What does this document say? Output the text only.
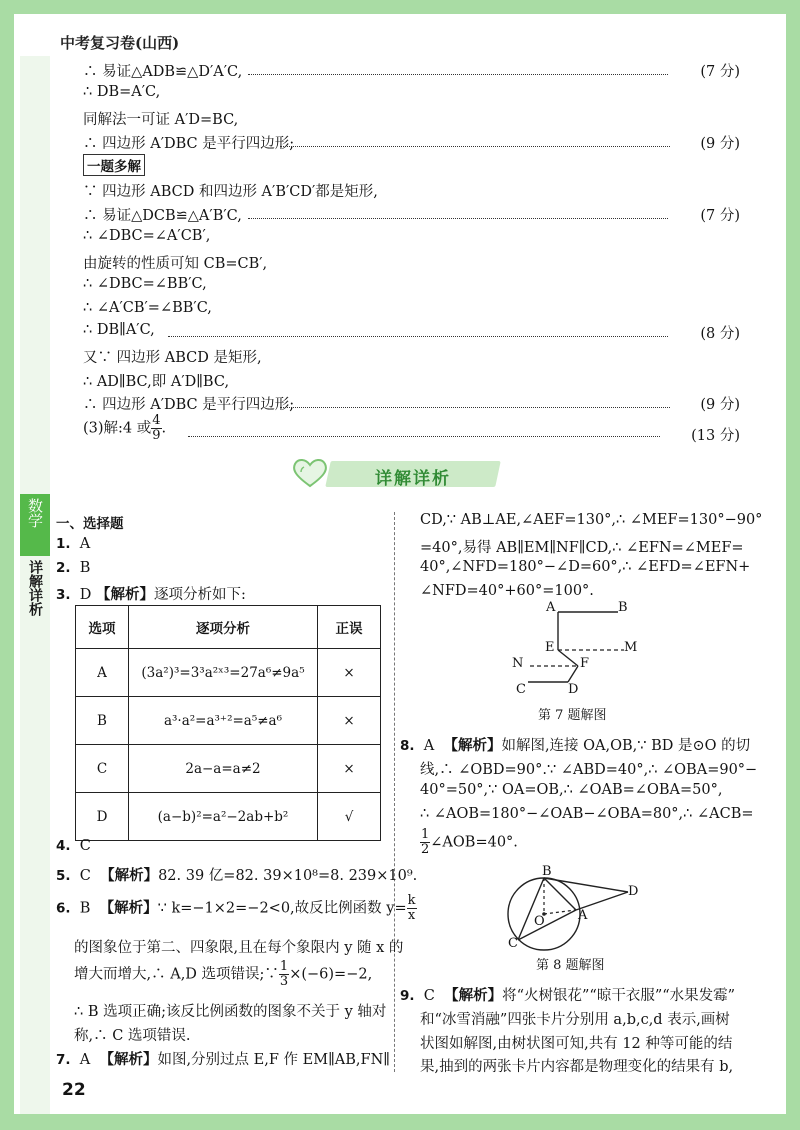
中考复习卷(山西)
∴ 易证△ADB≌△D′A′C,	(7 分)
∴ DB=A′C,
同解法一可证 A′D=BC,
∴ 四边形 A′DBC 是平行四边形;	(9 分)
一题多解
∵ 四边形 ABCD 和四边形 A′B′CD′都是矩形,
∴ 易证△DCB≌△A′B′C,	(7 分)
∴ ∠DBC=∠A′CB′,
由旋转的性质可知 CB=CB′,
∴ ∠DBC=∠BB′C,
∴ ∠A′CB′=∠BB′C,
∴ DB∥A′C,	(8 分)
又∵ 四边形 ABCD 是矩形,
∴ AD∥BC,即 A′D∥BC,
∴ 四边形 A′DBC 是平行四边形;	(9 分)
(3)解:4 或 $\frac{4}{9}$ .	(13 分)
详解详析
数学
详解详析
一、选择题
1. A
2. B
3. D 【解析】逐项分析如下:
选项	逐项分析	正误
A	(3a²)³=3³a²ˣ³=27a⁶≠9a⁵	×
B	a³·a²=a³⁺²=a⁵≠a⁶	×
C	2a−a=a≠2	×
D	(a−b)²=a²−2ab+b²	√
4. C
5. C 【解析】82. 39 亿=82. 39×10⁸=8. 239×10⁹.
6. B 【解析】∵ k=−1×2=−2<0,故反比例函数 $y= \frac{k}{x}$
的图象位于第二、四象限,且在每个象限内 y 随 x 的
增大而增大,∴ A,D 选项错误;∵ $\frac{1}{3} \times(-6)=-2$,
∴ B 选项正确;该反比例函数的图象不关于 y 轴对
称,∴ C 选项错误.
7. A 【解析】如图,分别过点 E,F 作 EM∥AB,FN∥
22
CD,∵ AB⊥AE,∠AEF=130°,∴ ∠MEF=130°−90°
=40°,易得 AB∥EM∥NF∥CD,∴ ∠EFN=∠MEF=
40°,∠NFD=180°−∠D=60°,∴ ∠EFD=∠EFN+
∠NFD=40°+60°=100°.
A	B
E	M
N	F
C	D
第 7 题解图
8. A 【解析】如解图,连接 OA,OB,∵ BD 是⊙O 的切
线,∴ ∠OBD=90°.∵ ∠ABD=40°,∴ ∠OBA=90°−
40°=50°,∵ OA=OB,∴ ∠OAB=∠OBA=50°,
∴ ∠AOB=180°−∠OAB−∠OBA=80°,∴ ∠ACB=
$\frac{1}{2}$ ∠AOB=40°.
B
D
O	A
C
第 8 题解图
9. C 【解析】将“火树银花”“晾干衣服”“水果发霉”
和“冰雪消融”四张卡片分别用 a,b,c,d 表示,画树
状图如解图,由树状图可知,共有 12 种等可能的结
果,抽到的两张卡片内容都是物理变化的结果有 b,
